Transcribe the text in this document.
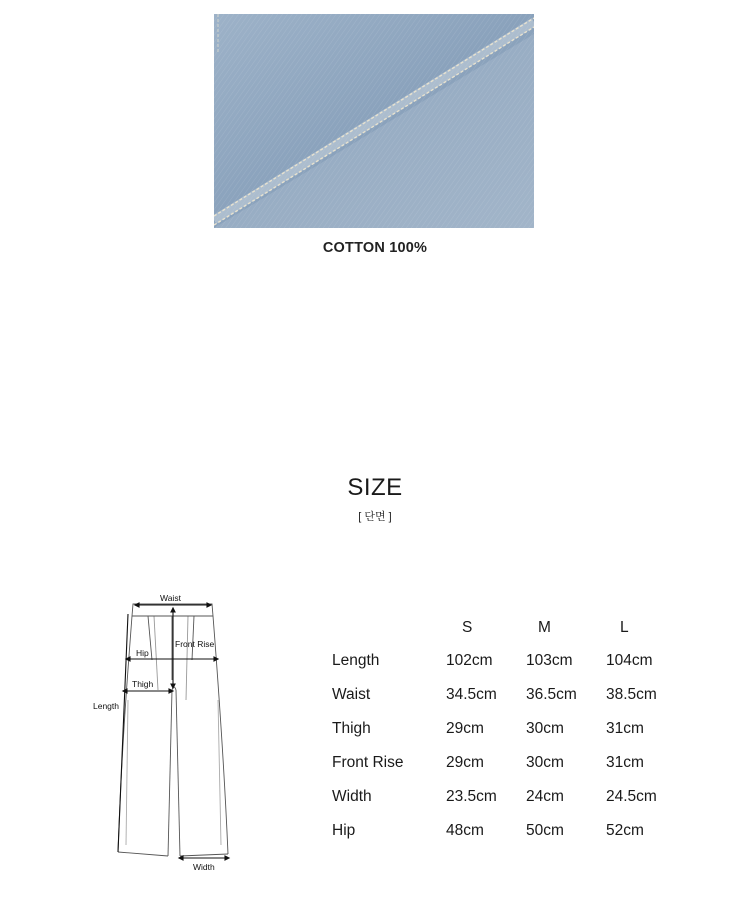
COTTON 100%
SIZE
[ 단면 ]
Waist
Front Rise
Hip
Thigh
Length
Width
	S	M	L
Length	102cm	103cm	104cm
Waist	34.5cm	36.5cm	38.5cm
Thigh	29cm	30cm	31cm
Front Rise	29cm	30cm	31cm
Width	23.5cm	24cm	24.5cm
Hip	48cm	50cm	52cm
